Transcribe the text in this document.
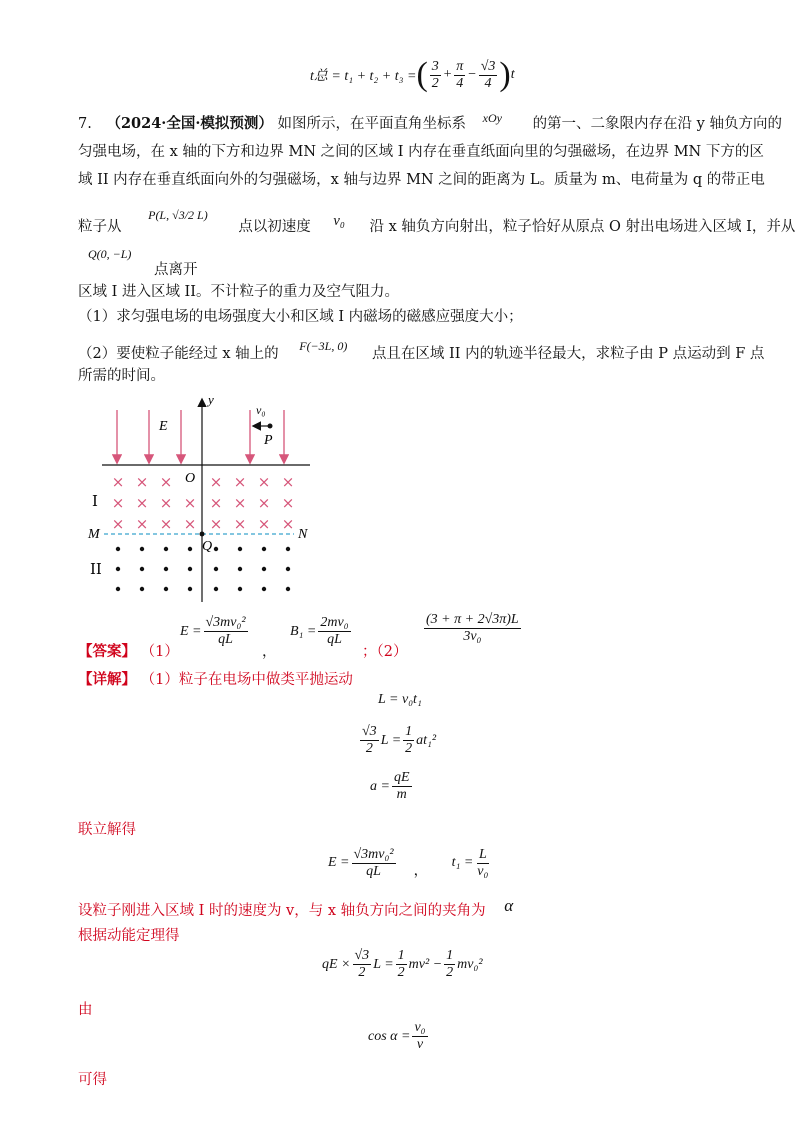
t总 = t₁ + t₂ + t₃ = ( $\frac{3}{2} + \frac{\pi}{4} - \frac{√3}{4}$ ) t
7. （2024·全国·模拟预测） 如图所示，在平面直角坐标系 $^{xOy}$ 的第一、二象限内存在沿 y 轴负方向的
匀强电场，在 x 轴的下方和边界 MN 之间的区域 I 内存在垂直纸面向里的匀强磁场，在边界 MN 下方的区
域 II 内存在垂直纸面向外的匀强磁场，x 轴与边界 MN 之间的距离为 L。质量为 m、电荷量为 q 的带正电
粒子从 $^{P(L, √3/2 L)}$ 点以初速度 v₀ 沿 x 轴负方向射出，粒子恰好从原点 O 射出电场进入区域 I，并从
$^{Q(0, -L)}$ 点离开
区域 I 进入区域 II。不计粒子的重力及空气阻力。
（1）求匀强电场的电场强度大小和区域 I 内磁场的磁感应强度大小；
（2）要使粒子能经过 x 轴上的 $^{F(-3L, 0)}$ 点且在区域 II 内的轨迹半径最大，求粒子由 P 点运动到 F 点
所需的时间。
y
E
v₀
P
O
× × × × × × ×
× × × × × × × ×
× × × × × × × ×
I
M	N
Q
II
【答案】 （1）
$E = \frac{\text{√3mv₀²}}{qL}$
，
$B_1 = \frac{\text{2mv₀}}{qL}$
；（2）
$\frac{(3 + \pi + 2√3\pi)L}{\text{3v₀}}$
【详解】 （1）粒子在电场中做类平抛运动
L = v₀t₁
$\frac{√3}{2}$ $L = \frac{1}{2} at_1^2$
$a = \frac{qE}{m}$
联立解得
$E = \frac{\text{√3mv₀²}}{qL}$ ，
$t_1 = \frac{L}{\text{v₀}}$
设粒子刚进入区域 I 时的速度为 v，与 x 轴负方向之间的夹角为 α
根据动能定理得
qE × $\frac{√3}{2}$ $L = \frac{1}{2} mv^2 - \frac{1}{2} mv_0^2$
由
$\cos \alpha = \frac{\text{v₀}}{v}$
可得
